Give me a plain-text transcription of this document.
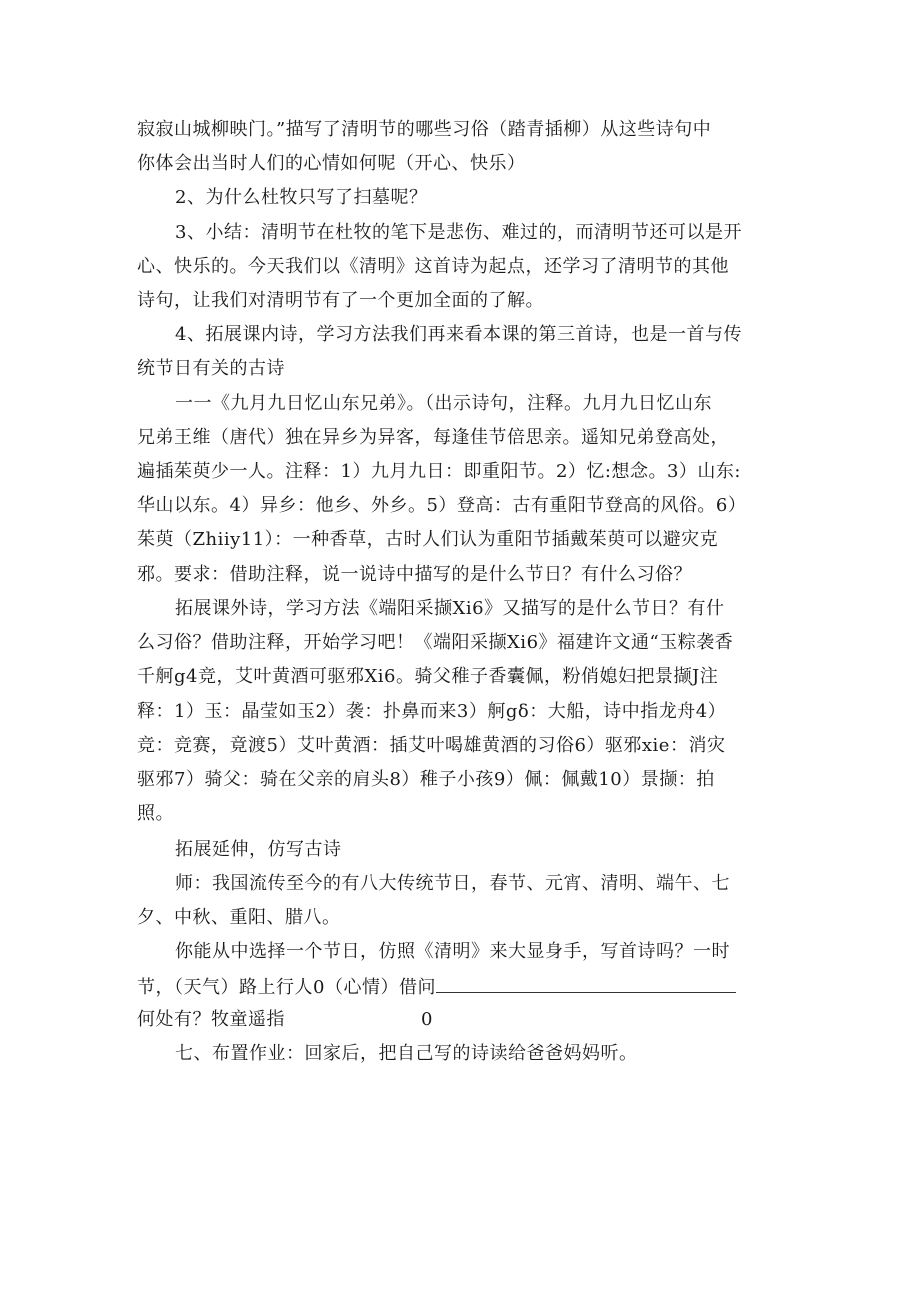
寂寂山城柳映门。”描写了清明节的哪些习俗（踏青插柳）从这些诗句中
你体会出当时人们的心情如何呢（开心、快乐）
2、为什么杜牧只写了扫墓呢？
3、小结：清明节在杜牧的笔下是悲伤、难过的，而清明节还可以是开
心、快乐的。今天我们以《清明》这首诗为起点，还学习了清明节的其他
诗句，让我们对清明节有了一个更加全面的了解。
4、拓展课内诗，学习方法我们再来看本课的第三首诗，也是一首与传
统节日有关的古诗
一一《九月九日忆山东兄弟》。（出示诗句，注释。九月九日忆山东
兄弟王维（唐代）独在异乡为异客，每逢佳节倍思亲。遥知兄弟登高处，
遍插茱萸少一人。注释：1）九月九日：即重阳节。2）忆:想念。3）山东:
华山以东。4）异乡：他乡、外乡。5）登高：古有重阳节登高的风俗。6）
茱萸（Zhiiy11）：一种香草，古时人们认为重阳节插戴茱萸可以避灾克
邪。要求：借助注释，说一说诗中描写的是什么节日？有什么习俗？
拓展课外诗，学习方法《端阳采撷Xi6》又描写的是什么节日？有什
么习俗？借助注释，开始学习吧！《端阳采撷Xi6》福建许文通“玉粽袭香
千舸g4竞，艾叶黄酒可驱邪Xi6。骑父稚子香囊佩，粉俏媳妇把景撷J注
释：1）玉：晶莹如玉2）袭：扑鼻而来3）舸gδ：大船，诗中指龙舟4）
竞：竞赛，竟渡5）艾叶黄酒：插艾叶喝雄黄酒的习俗6）驱邪xie：消灾
驱邪7）骑父：骑在父亲的肩头8）稚子小孩9）佩：佩戴10）景撷：拍
照。
拓展延伸，仿写古诗
师：我国流传至今的有八大传统节日，春节、元宵、清明、端午、七
夕、中秋、重阳、腊八。
你能从中选择一个节日，仿照《清明》来大显身手，写首诗吗？一时
节，（天气）路上行人0（心情）借问
何处有？牧童遥指	0
七、布置作业：回家后，把自己写的诗读给爸爸妈妈听。
